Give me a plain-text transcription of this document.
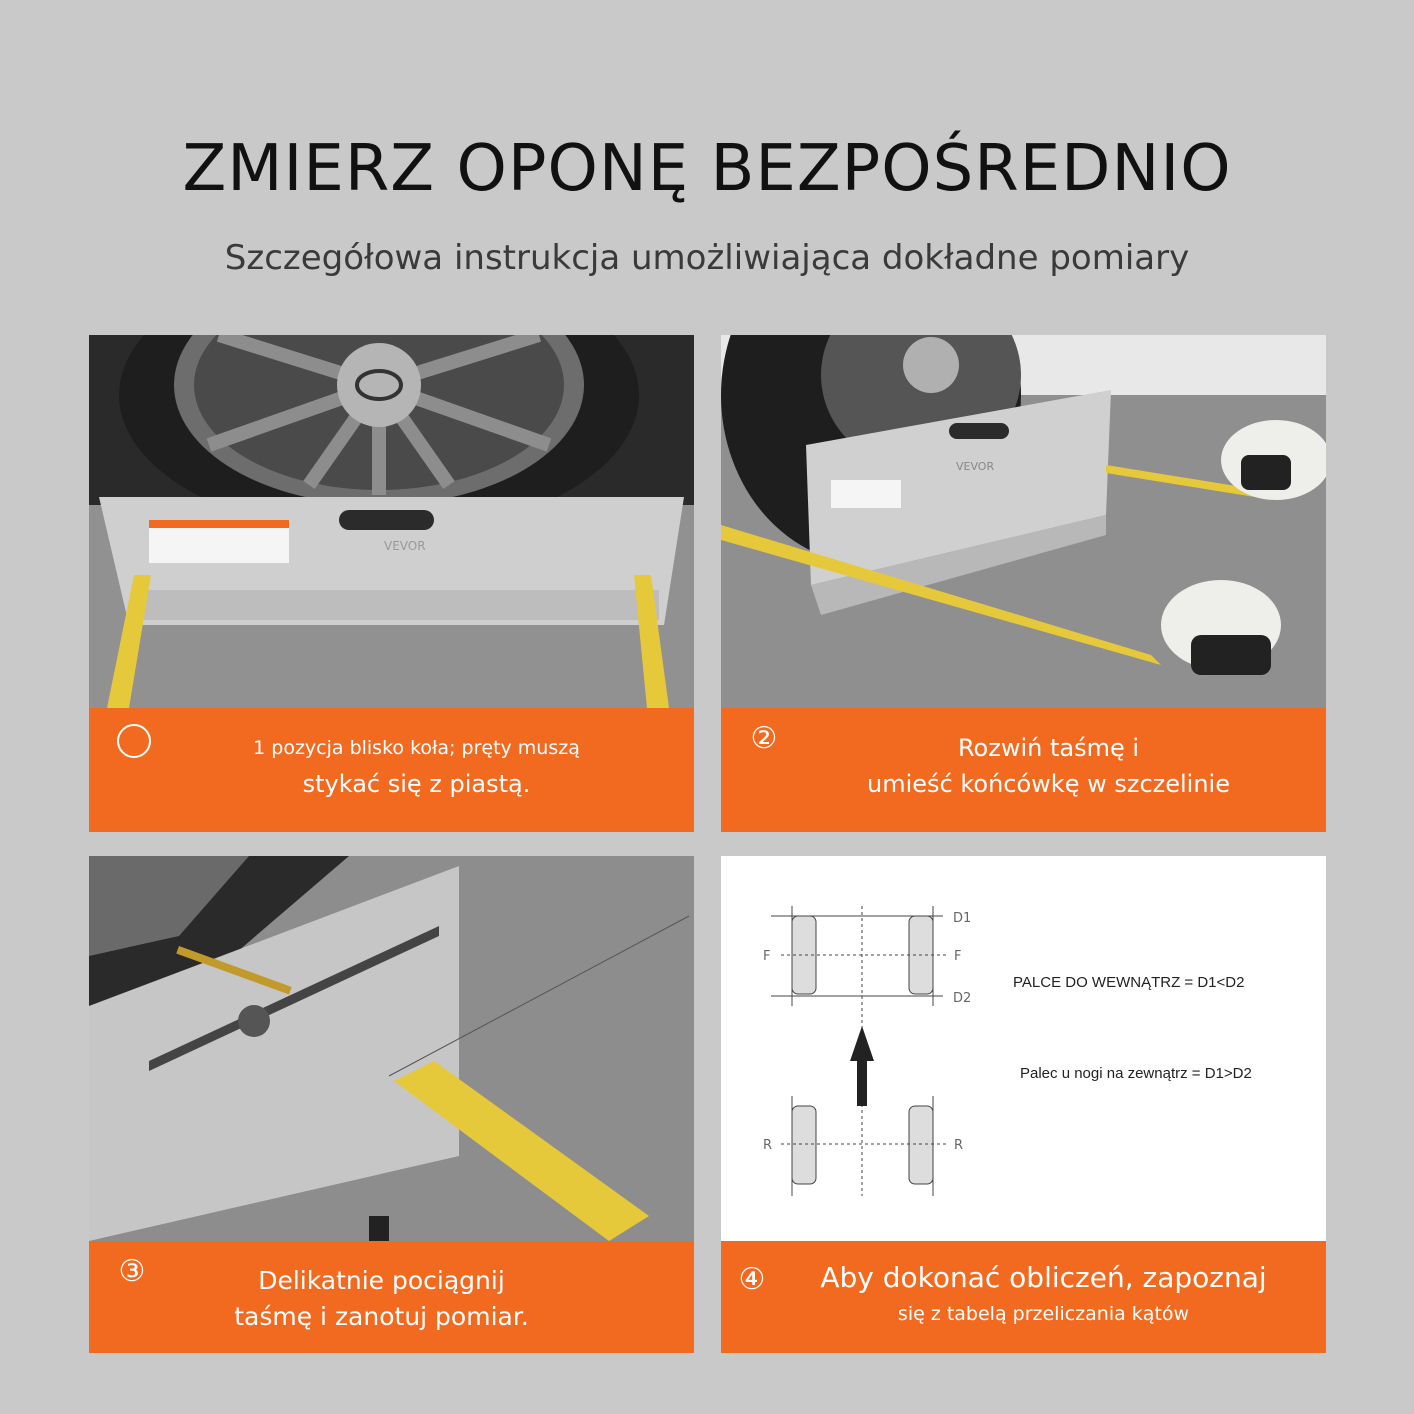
ZMIERZ OPONĘ BEZPOŚREDNIO

Szczegółowa instrukcja umożliwiająca dokładne pomiary

VEVOR
1 pozycja blisko koła; pręty muszą
stykać się z piastą.
VEVOR
②	Rozwiń taśmę i
umieść końcówkę w szczelinie
③	Delikatnie pociągnij
taśmę i zanotuj pomiar.
D1
D2
F	F
R	R
PALCE DO WEWNĄTRZ = D1<D2
Palec u nogi na zewnątrz = D1>D2
④	Aby dokonać obliczeń, zapoznaj
się z tabelą przeliczania kątów
